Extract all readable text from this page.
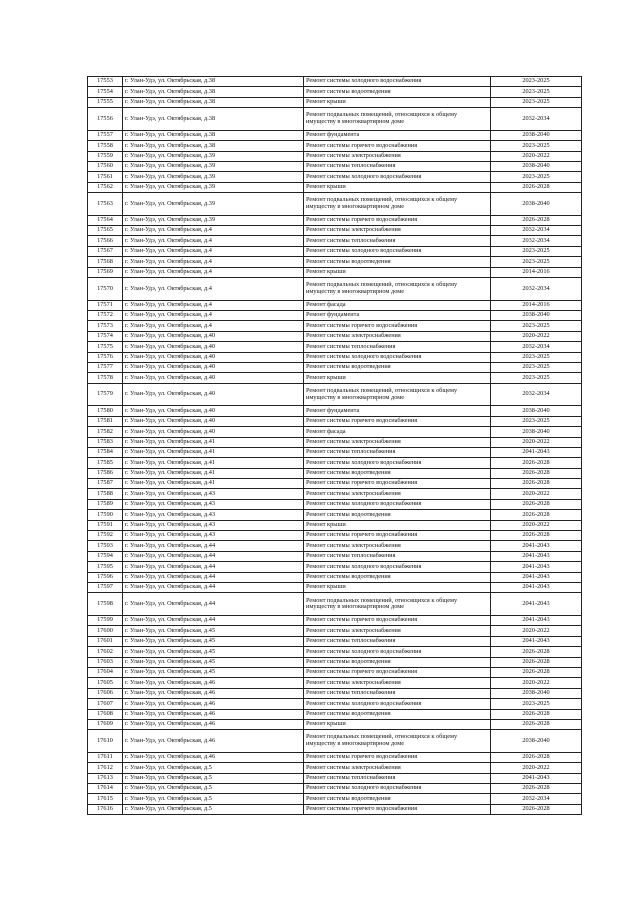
17553	г. Улан-Удэ, ул. Октябрьская, д.38	Ремонт системы холодного водоснабжения	2023-2025
17554	г. Улан-Удэ, ул. Октябрьская, д.38	Ремонт системы водоотведения	2023-2025
17555	г. Улан-Удэ, ул. Октябрьская, д.38	Ремонт крыши	2023-2025
17556	г. Улан-Удэ, ул. Октябрьская, д.38	Ремонт подвальных помещений, относящихся к общему имуществу в многоквартирном доме	2032-2034
17557	г. Улан-Удэ, ул. Октябрьская, д.38	Ремонт фундамента	2038-2040
17558	г. Улан-Удэ, ул. Октябрьская, д.38	Ремонт системы горячего водоснабжения	2023-2025
17559	г. Улан-Удэ, ул. Октябрьская, д.39	Ремонт системы электроснабжения	2020-2022
17560	г. Улан-Удэ, ул. Октябрьская, д.39	Ремонт системы теплоснабжения	2038-2040
17561	г. Улан-Удэ, ул. Октябрьская, д.39	Ремонт системы холодного водоснабжения	2023-2025
17562	г. Улан-Удэ, ул. Октябрьская, д.39	Ремонт крыши	2026-2028
17563	г. Улан-Удэ, ул. Октябрьская, д.39	Ремонт подвальных помещений, относящихся к общему имуществу в многоквартирном доме	2038-2040
17564	г. Улан-Удэ, ул. Октябрьская, д.39	Ремонт системы горячего водоснабжения	2026-2028
17565	г. Улан-Удэ, ул. Октябрьская, д.4	Ремонт системы электроснабжения	2032-2034
17566	г. Улан-Удэ, ул. Октябрьская, д.4	Ремонт системы теплоснабжения	2032-2034
17567	г. Улан-Удэ, ул. Октябрьская, д.4	Ремонт системы холодного водоснабжения	2023-2025
17568	г. Улан-Удэ, ул. Октябрьская, д.4	Ремонт системы водоотведения	2023-2025
17569	г. Улан-Удэ, ул. Октябрьская, д.4	Ремонт крыши	2014-2016
17570	г. Улан-Удэ, ул. Октябрьская, д.4	Ремонт подвальных помещений, относящихся к общему имуществу в многоквартирном доме	2032-2034
17571	г. Улан-Удэ, ул. Октябрьская, д.4	Ремонт фасада	2014-2016
17572	г. Улан-Удэ, ул. Октябрьская, д.4	Ремонт фундамента	2038-2040
17573	г. Улан-Удэ, ул. Октябрьская, д.4	Ремонт системы горячего водоснабжения	2023-2025
17574	г. Улан-Удэ, ул. Октябрьская, д.40	Ремонт системы электроснабжения	2020-2022
17575	г. Улан-Удэ, ул. Октябрьская, д.40	Ремонт системы теплоснабжения	2032-2034
17576	г. Улан-Удэ, ул. Октябрьская, д.40	Ремонт системы холодного водоснабжения	2023-2025
17577	г. Улан-Удэ, ул. Октябрьская, д.40	Ремонт системы водоотведения	2023-2025
17578	г. Улан-Удэ, ул. Октябрьская, д.40	Ремонт крыши	2023-2025
17579	г. Улан-Удэ, ул. Октябрьская, д.40	Ремонт подвальных помещений, относящихся к общему имуществу в многоквартирном доме	2032-2034
17580	г. Улан-Удэ, ул. Октябрьская, д.40	Ремонт фундамента	2038-2040
17581	г. Улан-Удэ, ул. Октябрьская, д.40	Ремонт системы горячего водоснабжения	2023-2025
17582	г. Улан-Удэ, ул. Октябрьская, д.40	Ремонт фасада	2038-2040
17583	г. Улан-Удэ, ул. Октябрьская, д.41	Ремонт системы электроснабжения	2020-2022
17584	г. Улан-Удэ, ул. Октябрьская, д.41	Ремонт системы теплоснабжения	2041-2043
17585	г. Улан-Удэ, ул. Октябрьская, д.41	Ремонт системы холодного водоснабжения	2026-2028
17586	г. Улан-Удэ, ул. Октябрьская, д.41	Ремонт системы водоотведения	2026-2028
17587	г. Улан-Удэ, ул. Октябрьская, д.41	Ремонт системы горячего водоснабжения	2026-2028
17588	г. Улан-Удэ, ул. Октябрьская, д.43	Ремонт системы электроснабжения	2020-2022
17589	г. Улан-Удэ, ул. Октябрьская, д.43	Ремонт системы холодного водоснабжения	2026-2028
17590	г. Улан-Удэ, ул. Октябрьская, д.43	Ремонт системы водоотведения	2026-2028
17591	г. Улан-Удэ, ул. Октябрьская, д.43	Ремонт крыши	2020-2022
17592	г. Улан-Удэ, ул. Октябрьская, д.43	Ремонт системы горячего водоснабжения	2026-2028
17593	г. Улан-Удэ, ул. Октябрьская, д.44	Ремонт системы электроснабжения	2041-2043
17594	г. Улан-Удэ, ул. Октябрьская, д.44	Ремонт системы теплоснабжения	2041-2043
17595	г. Улан-Удэ, ул. Октябрьская, д.44	Ремонт системы холодного водоснабжения	2041-2043
17596	г. Улан-Удэ, ул. Октябрьская, д.44	Ремонт системы водоотведения	2041-2043
17597	г. Улан-Удэ, ул. Октябрьская, д.44	Ремонт крыши	2041-2043
17598	г. Улан-Удэ, ул. Октябрьская, д.44	Ремонт подвальных помещений, относящихся к общему имуществу в многоквартирном доме	2041-2043
17599	г. Улан-Удэ, ул. Октябрьская, д.44	Ремонт системы горячего водоснабжения	2041-2043
17600	г. Улан-Удэ, ул. Октябрьская, д.45	Ремонт системы электроснабжения	2020-2022
17601	г. Улан-Удэ, ул. Октябрьская, д.45	Ремонт системы теплоснабжения	2041-2043
17602	г. Улан-Удэ, ул. Октябрьская, д.45	Ремонт системы холодного водоснабжения	2026-2028
17603	г. Улан-Удэ, ул. Октябрьская, д.45	Ремонт системы водоотведения	2026-2028
17604	г. Улан-Удэ, ул. Октябрьская, д.45	Ремонт системы горячего водоснабжения	2026-2028
17605	г. Улан-Удэ, ул. Октябрьская, д.46	Ремонт системы электроснабжения	2020-2022
17606	г. Улан-Удэ, ул. Октябрьская, д.46	Ремонт системы теплоснабжения	2038-2040
17607	г. Улан-Удэ, ул. Октябрьская, д.46	Ремонт системы холодного водоснабжения	2023-2025
17608	г. Улан-Удэ, ул. Октябрьская, д.46	Ремонт системы водоотведения	2026-2028
17609	г. Улан-Удэ, ул. Октябрьская, д.46	Ремонт крыши	2026-2028
17610	г. Улан-Удэ, ул. Октябрьская, д.46	Ремонт подвальных помещений, относящихся к общему имуществу в многоквартирном доме	2038-2040
17611	г. Улан-Удэ, ул. Октябрьская, д.46	Ремонт системы горячего водоснабжения	2026-2028
17612	г. Улан-Удэ, ул. Октябрьская, д.5	Ремонт системы электроснабжения	2020-2022
17613	г. Улан-Удэ, ул. Октябрьская, д.5	Ремонт системы теплоснабжения	2041-2043
17614	г. Улан-Удэ, ул. Октябрьская, д.5	Ремонт системы холодного водоснабжения	2026-2028
17615	г. Улан-Удэ, ул. Октябрьская, д.5	Ремонт системы водоотведения	2032-2034
17616	г. Улан-Удэ, ул. Октябрьская, д.5	Ремонт системы горячего водоснабжения	2026-2028
